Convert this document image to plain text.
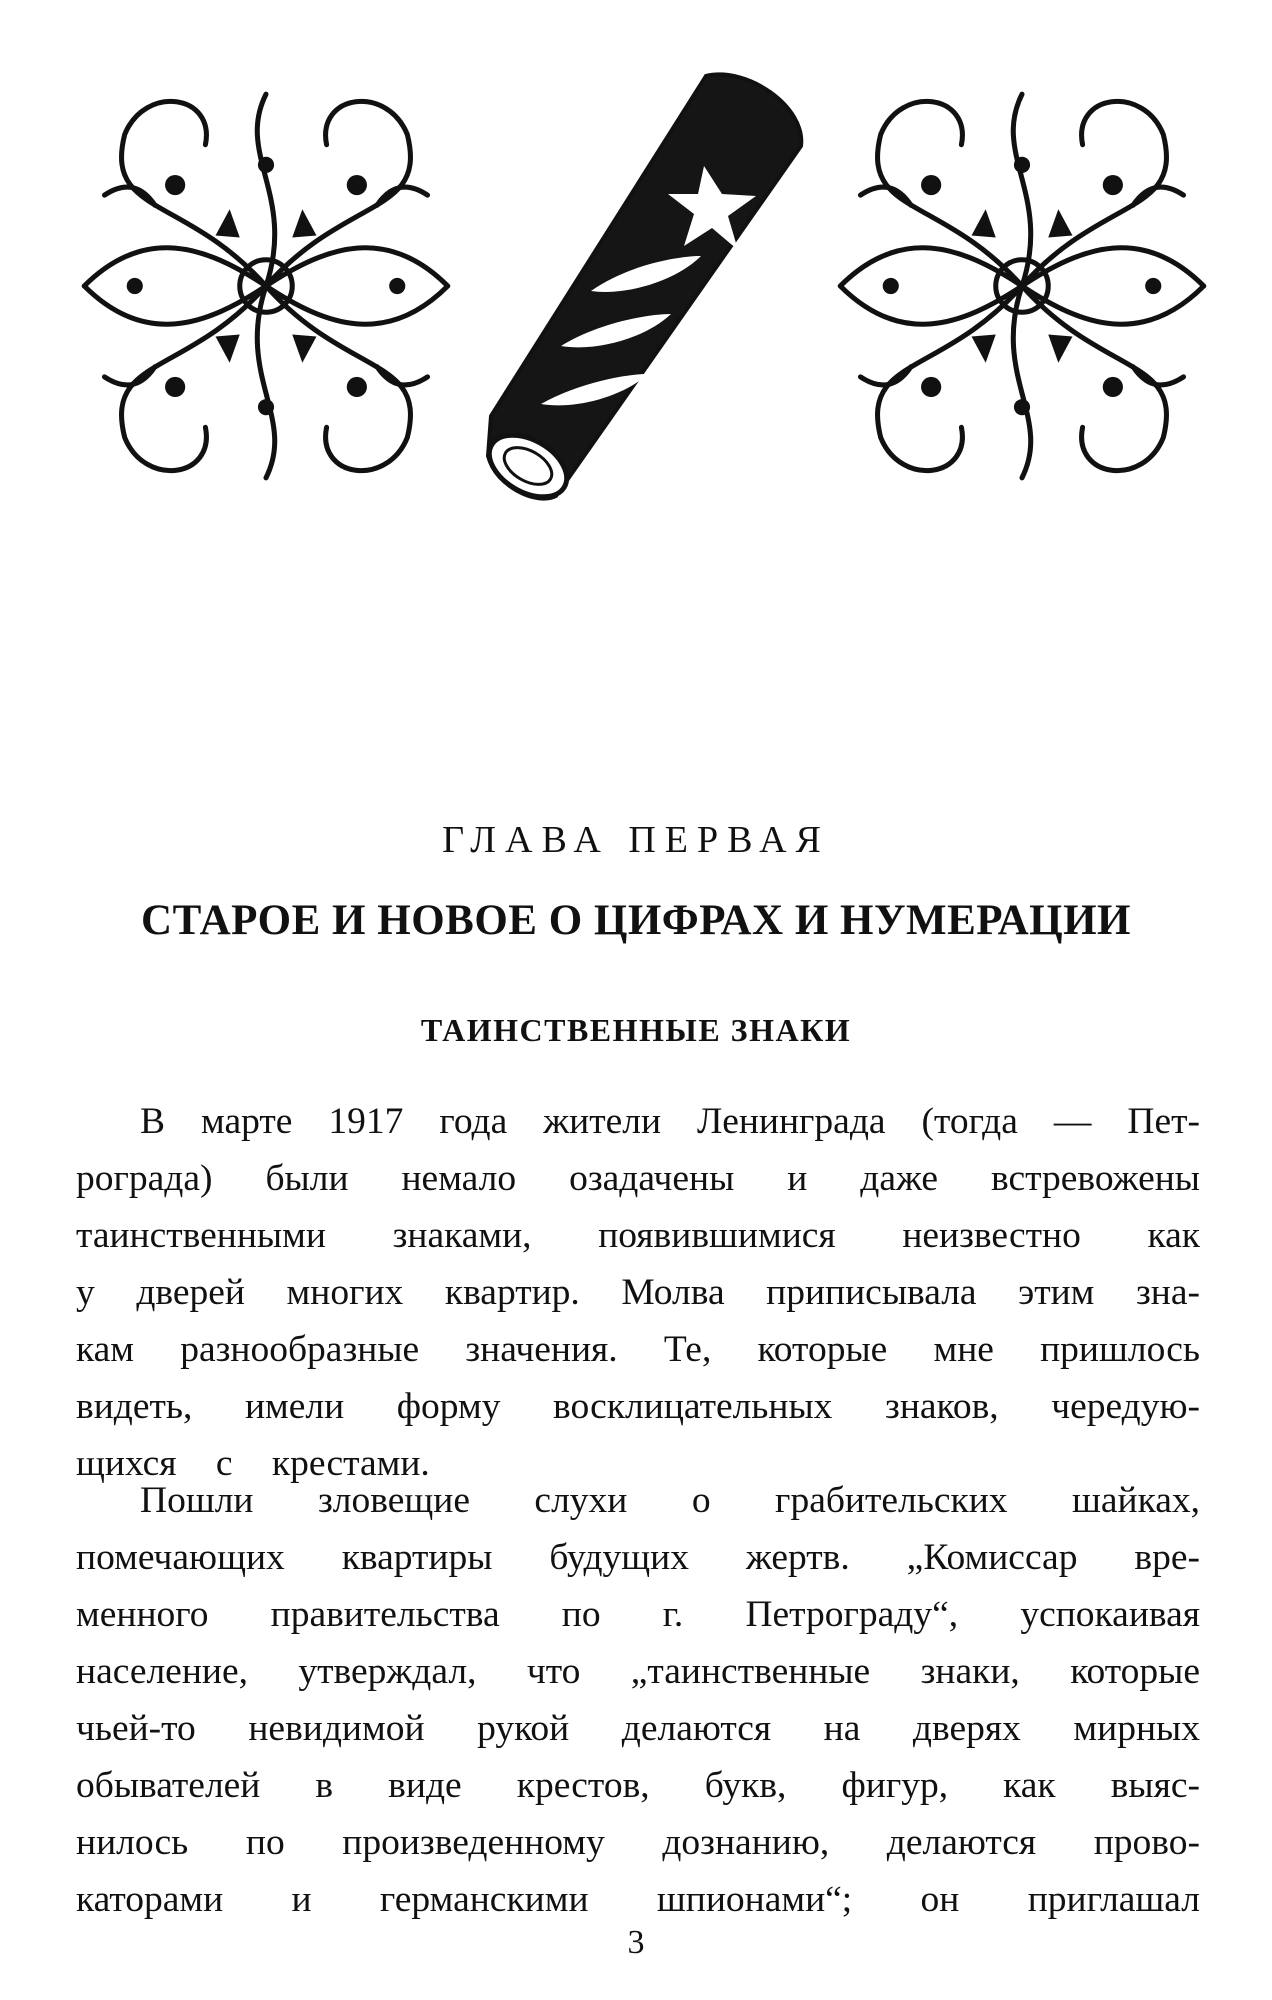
ГЛАВА ПЕРВАЯ
СТАРОЕ И НОВОЕ О ЦИФРАХ И НУМЕРАЦИИ
ТАИНСТВЕННЫЕ ЗНАКИ
В марте 1917 года жители Ленинграда (тогда — Пет-
рограда) были немало озадачены и даже встревожены
таинственными знаками, появившимися неизвестно как
у дверей многих квартир. Молва приписывала этим зна-
кам разнообразные значения. Те, которые мне пришлось
видеть, имели форму восклицательных знаков, чередую-
щихся с крестами.
Пошли зловещие слухи о грабительских шайках,
помечающих квартиры будущих жертв. „Комиссар вре-
менного правительства по г. Петрограду“, успокаивая
население, утверждал, что „таинственные знаки, которые
чьей-то невидимой рукой делаются на дверях мирных
обывателей в виде крестов, букв, фигур, как выяс-
нилось по произведенному дознанию, делаются прово-
каторами и германскими шпионами“; он приглашал
3
